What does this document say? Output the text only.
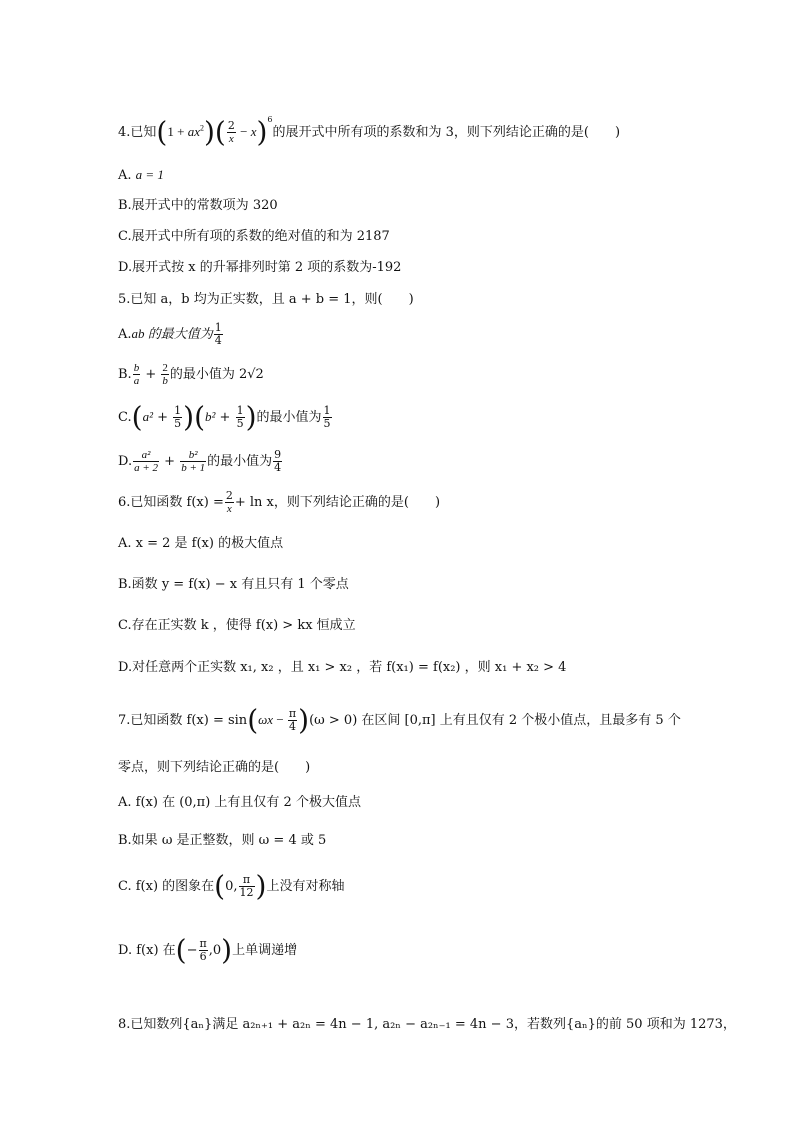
4.已知$(1 + ax^2)( \frac{2}{x} - x)^6$的展开式中所有项的系数和为 3，则下列结论正确的是(　　)
A. a = 1
B.展开式中的常数项为 320
C.展开式中所有项的系数的绝对值的和为 2187
D.展开式按 x 的升幂排列时第 2 项的系数为-192
5.已知 a，b 均为正实数，且 a + b = 1，则(　　)
A.ab 的最大值为 $\frac{1}{4}$
B. $\frac{b}{a} + \frac{2}{b}$ 的最小值为 2√2
$C.(a^2 + \frac{1}{5} )(b^2 + \frac{1}{5}$ )的最小值为 $\frac{1}{5}$
D. $\frac{\text{a²}}{a + 2} + \frac{\text{b²}}{b + 1}$ 的最小值为 $\frac{9}{4}$
6.已知函数 $f(x) = \frac{2}{x} + \ln x$，则下列结论正确的是(　　)
A. x = 2 是 f(x) 的极大值点
B.函数 y = f(x) − x 有且只有 1 个零点
C.存在正实数 k ，使得 f(x) > kx 恒成立
D.对任意两个正实数 x₁, x₂ ，且 x₁ > x₂ ，若 f(x₁) = f(x₂) ，则 x₁ + x₂ > 4
7.已知函数 $f(x) = \sin(\omega x - \frac{\pi}{4} )(\omega > 0)$ 在区间 [0,π] 上有且仅有 2 个极小值点，且最多有 5 个
零点，则下列结论正确的是(　　)
A. f(x) 在 (0,π) 上有且仅有 2 个极大值点
B.如果 ω 是正整数，则 ω = 4 或 5
C. f(x) 的图象在(0, $\frac{\pi}{12}$ )上没有对称轴
D. f(x) 在(− $\frac{\pi}{6} ,0$)上单调递增
8.已知数列{aₙ}满足 a₂ₙ₊₁ + a₂ₙ = 4n − 1, a₂ₙ − a₂ₙ₋₁ = 4n − 3，若数列{aₙ}的前 50 项和为 1273，
